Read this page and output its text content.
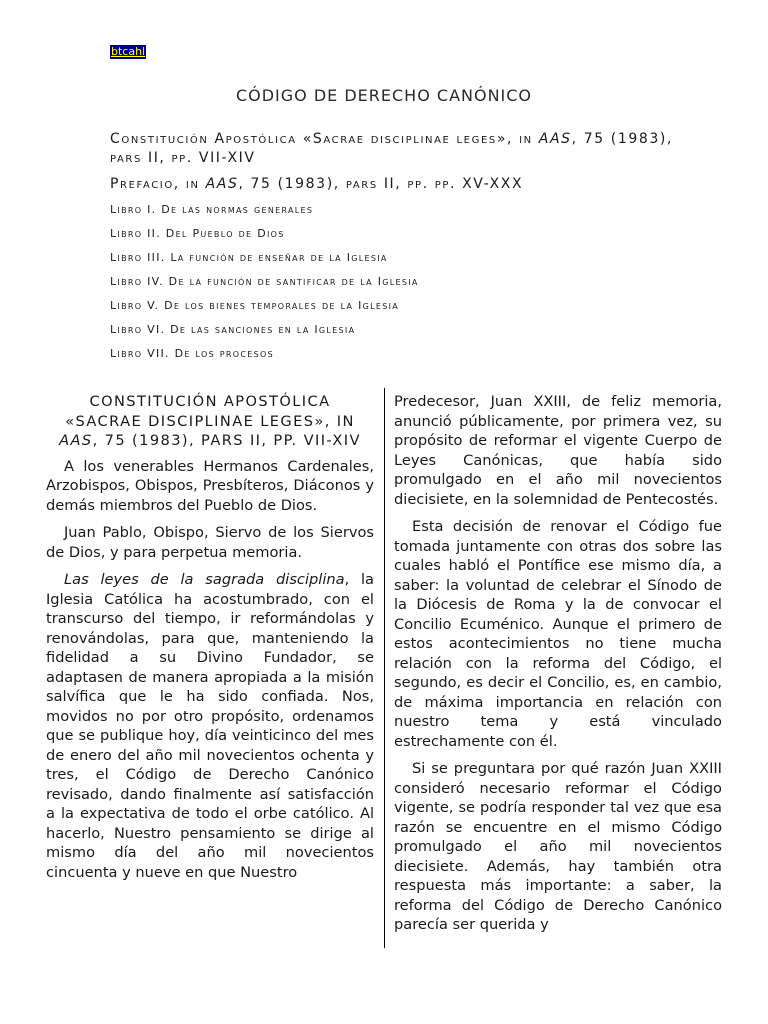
btcahl
CÓDIGO DE DERECHO CANÓNICO
Constitución Apostólica «Sacrae disciplinae leges», in AAS, 75 (1983), pars II, pp. VII-XIV
Prefacio, in AAS, 75 (1983), pars II, pp. pp. XV-XXX
Libro I. De las normas generales
Libro II. Del Pueblo de Dios
Libro III. La función de enseñar de la Iglesia
Libro IV. De la función de santificar de la Iglesia
Libro V. De los bienes temporales de la Iglesia
Libro VI. De las sanciones en la Iglesia
Libro VII. De los procesos
CONSTITUCIÓN APOSTÓLICA
«SACRAE DISCIPLINAE LEGES», IN
AAS, 75 (1983), PARS II, PP. VII-XIV

A los venerables Hermanos Cardenales, Arzobispos, Obispos, Presbíteros, Diáconos y demás miembros del Pueblo de Dios.

Juan Pablo, Obispo, Siervo de los Siervos de Dios, y para perpetua memoria.

Las leyes de la sagrada disciplina, la Iglesia Católica ha acostumbrado, con el transcurso del tiempo, ir reformándolas y renovándolas, para que, manteniendo la fidelidad a su Divino Fundador, se adaptasen de manera apropiada a la misión salvífica que le ha sido confiada. Nos, movidos no por otro propósito, ordenamos que se publique hoy, día veinticinco del mes de enero del año mil novecientos ochenta y tres, el Código de Derecho Canónico revisado, dando finalmente así satisfacción a la expectativa de todo el orbe católico. Al hacerlo, Nuestro pensamiento se dirige al mismo día del año mil novecientos cincuenta y nueve en que Nuestro

Predecesor, Juan XXIII, de feliz memoria, anunció públicamente, por primera vez, su propósito de reformar el vigente Cuerpo de Leyes Canónicas, que había sido promulgado en el año mil novecientos diecisiete, en la solemnidad de Pentecostés.

Esta decisión de renovar el Código fue tomada juntamente con otras dos sobre las cuales habló el Pontífice ese mismo día, a saber: la voluntad de celebrar el Sínodo de la Diócesis de Roma y la de convocar el Concilio Ecuménico. Aunque el primero de estos acontecimientos no tiene mucha relación con la reforma del Código, el segundo, es decir el Concilio, es, en cambio, de máxima importancia en relación con nuestro tema y está vinculado estrechamente con él.

Si se preguntara por qué razón Juan XXIII consideró necesario reformar el Código vigente, se podría responder tal vez que esa razón se encuentre en el mismo Código promulgado el año mil novecientos diecisiete. Además, hay también otra respuesta más importante: a saber, la reforma del Código de Derecho Canónico parecía ser querida y
